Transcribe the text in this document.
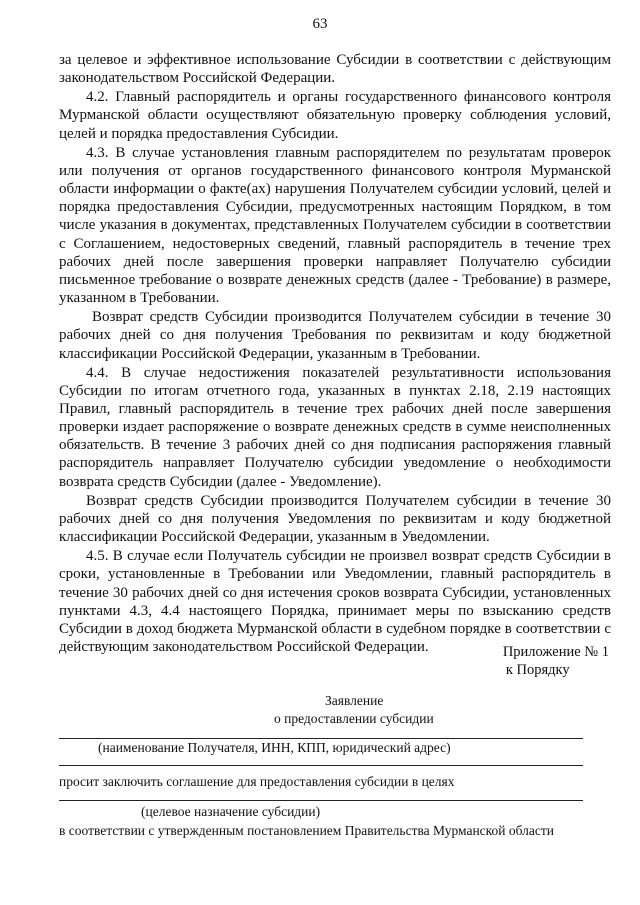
63

за целевое и эффективное использование Субсидии в соответствии с действующим законодательством Российской Федерации.

4.2. Главный распорядитель и органы государственного финансового контроля Мурманской области осуществляют обязательную проверку соблюдения условий, целей и порядка предоставления Субсидии.

4.3. В случае установления главным распорядителем по результатам проверок или получения от органов государственного финансового контроля Мурманской области информации о факте(ах) нарушения Получателем субсидии условий, целей и порядка предоставления Субсидии, предусмотренных настоящим Порядком, в том числе указания в документах, представленных Получателем субсидии в соответствии с Соглашением, недостоверных сведений, главный распорядитель в течение трех рабочих дней после завершения проверки направляет Получателю субсидии письменное требование о возврате денежных средств (далее - Требование) в размере, указанном в Требовании.

Возврат средств Субсидии производится Получателем субсидии в течение 30 рабочих дней со дня получения Требования по реквизитам и коду бюджетной классификации Российской Федерации, указанным в Требовании.

4.4. В случае недостижения показателей результативности использования Субсидии по итогам отчетного года, указанных в пунктах 2.18, 2.19 настоящих Правил, главный распорядитель в течение трех рабочих дней после завершения проверки издает распоряжение о возврате денежных средств в сумме неисполненных обязательств. В течение 3 рабочих дней со дня подписания распоряжения главный распорядитель направляет Получателю субсидии уведомление о необходимости возврата средств Субсидии (далее - Уведомление).

Возврат средств Субсидии производится Получателем субсидии в течение 30 рабочих дней со дня получения Уведомления по реквизитам и коду бюджетной классификации Российской Федерации, указанным в Уведомлении.

4.5. В случае если Получатель субсидии не произвел возврат средств Субсидии в сроки, установленные в Требовании или Уведомлении, главный распорядитель в течение 30 рабочих дней со дня истечения сроков возврата Субсидии, установленных пунктами 4.3, 4.4 настоящего Порядка, принимает меры по взысканию средств Субсидии в доход бюджета Мурманской области в судебном порядке в соответствии с действующим законодательством Российской Федерации.	Приложение № 1
к Порядку
Заявление
о предоставлении субсидии
(наименование Получателя, ИНН, КПП, юридический адрес)
просит заключить соглашение для предоставления субсидии в целях
(целевое назначение субсидии)
в соответствии с утвержденным постановлением Правительства Мурманской области
